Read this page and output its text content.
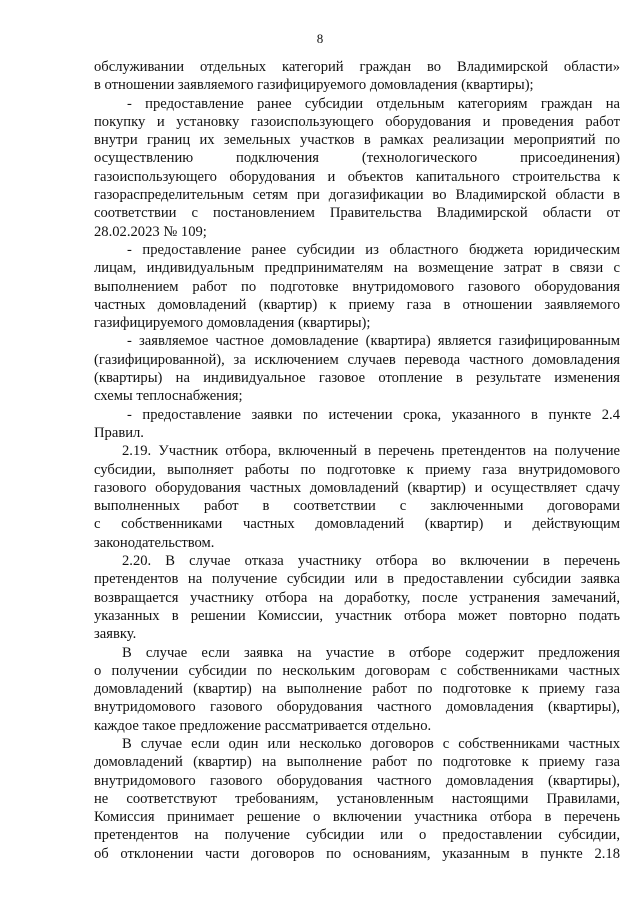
8
обслуживании отдельных категорий граждан во Владимирской области»
в отношении заявляемого газифицируемого домовладения (квартиры);
- предоставление ранее субсидии отдельным категориям граждан на
покупку и установку газоиспользующего оборудования и проведения работ
внутри границ их земельных участков в рамках реализации мероприятий по
осуществлению подключения (технологического присоединения)
газоиспользующего оборудования и объектов капитального строительства к
газораспределительным сетям при догазификации во Владимирской области в
соответствии с постановлением Правительства Владимирской области от
28.02.2023 № 109;
- предоставление ранее субсидии из областного бюджета юридическим
лицам, индивидуальным предпринимателям на возмещение затрат в связи с
выполнением работ по подготовке внутридомового газового оборудования
частных домовладений (квартир) к приему газа в отношении заявляемого
газифицируемого домовладения (квартиры);
- заявляемое частное домовладение (квартира) является газифицированным
(газифицированной), за исключением случаев перевода частного домовладения
(квартиры) на индивидуальное газовое отопление в результате изменения
схемы теплоснабжения;
- предоставление заявки по истечении срока, указанного в пункте 2.4
Правил.
2.19. Участник отбора, включенный в перечень претендентов на получение
субсидии, выполняет работы по подготовке к приему газа внутридомового
газового оборудования частных домовладений (квартир) и осуществляет сдачу
выполненных работ в соответствии с заключенными договорами
с собственниками частных домовладений (квартир) и действующим
законодательством.
2.20. В случае отказа участнику отбора во включении в перечень
претендентов на получение субсидии или в предоставлении субсидии заявка
возвращается участнику отбора на доработку, после устранения замечаний,
указанных в решении Комиссии, участник отбора может повторно подать
заявку.
В случае если заявка на участие в отборе содержит предложения
о получении субсидии по нескольким договорам с собственниками частных
домовладений (квартир) на выполнение работ по подготовке к приему газа
внутридомового газового оборудования частного домовладения (квартиры),
каждое такое предложение рассматривается отдельно.
В случае если один или несколько договоров с собственниками частных
домовладений (квартир) на выполнение работ по подготовке к приему газа
внутридомового газового оборудования частного домовладения (квартиры),
не соответствуют требованиям, установленным настоящими Правилами,
Комиссия принимает решение о включении участника отбора в перечень
претендентов на получение субсидии или о предоставлении субсидии,
об отклонении части договоров по основаниям, указанным в пункте 2.18
